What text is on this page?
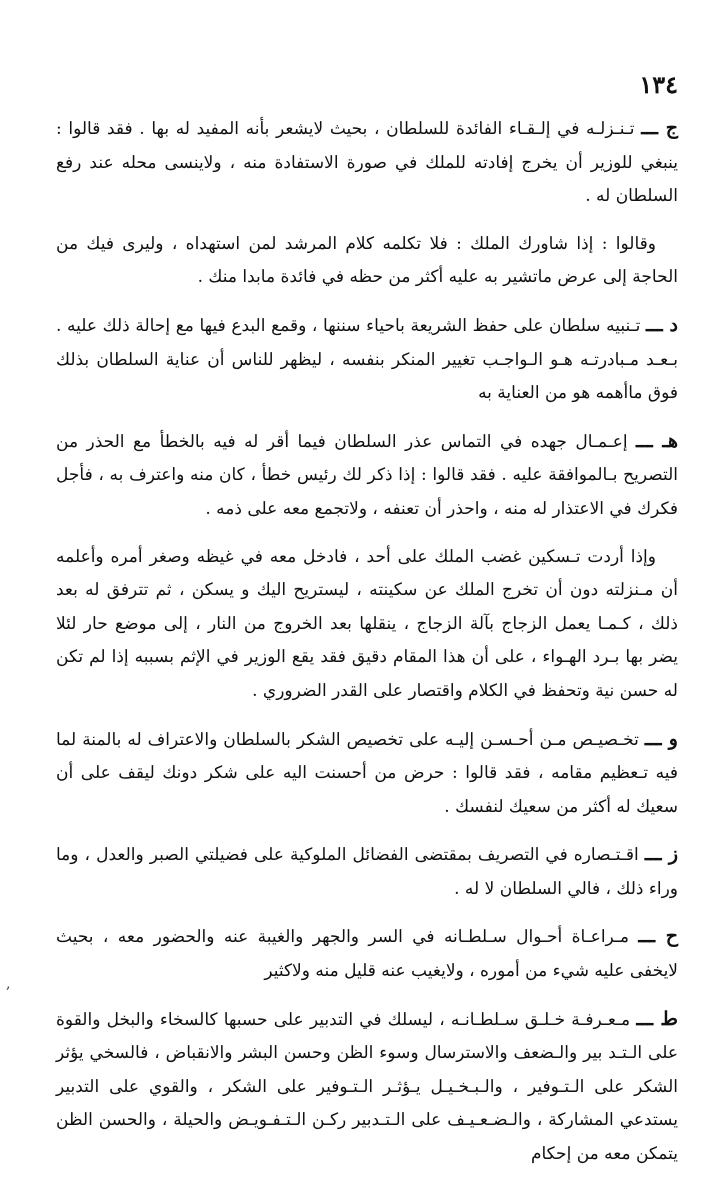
١٣٤

ج ـــ تـنـزلـه في إلـقـاء الفائدة للسلطان ، بحيث لايشعر بأنه المفيد له بها . فقد قالوا : ينبغي للوزير أن يخرج إفادته للملك في صورة الاستفادة منه ، ولاينسى محله عند رفع السلطان له .

وقالوا : إذا شاورك الملك : فلا تكلمه كلام المرشد لمن استهداه ، وليرى فيك من الحاجة إلى عرض ماتشير به عليه أكثر من حظه في فائدة مابدا منك .

د ـــ تـنبيه سلطان على حفظ الشريعة باحياء سننها ، وقمع البدع فيها مع إحالة ذلك عليه . بـعـد مـبادرتـه هـو الـواجـب تغيير المنكر بنفسه ، ليظهر للناس أن عناية السلطان بذلك فوق ماأهمه هو من العناية به

هـ ـــ إعـمـال جهده في التماس عذر السلطان فيما أقر له فيه بالخطأ مع الحذر من التصريح بـالموافقة عليه . فقد قالوا : إذا ذكر لك رئيس خطأ ، كان منه واعترف به ، فأجل فكرك في الاعتذار له منه ، واحذر أن تعنفه ، ولاتجمع معه على ذمه .

وإذا أردت تـسكين غضب الملك على أحد ، فادخل معه في غيظه وصغر أمره وأعلمه أن مـنزلته دون أن تخرج الملك عن سكينته ، ليستريح اليك و يسكن ، ثم تترفق له بعد ذلك ، كـمـا يعمل الزجاج بآلة الزجاج ، ينقلها بعد الخروج من النار ، إلى موضع حار لئلا يضر بها بـرد الهـواء ، على أن هذا المقام دقيق فقد يقع الوزير في الإثم بسببه إذا لم تكن له حسن نية وتحفظ في الكلام واقتصار على القدر الضروري .

و ـــ تخـصيـص مـن أحـسـن إليـه على تخصيص الشكر بالسلطان والاعتراف له بالمنة لما فيه تـعظيم مقامه ، فقد قالوا : حرض من أحسنت اليه على شكر دونك ليقف على أن سعيك له أكثر من سعيك لنفسك .

ز ـــ اقـتـصاره في التصريف بمقتضى الفضائل الملوكية على فضيلتي الصبر والعدل ، وما وراء ذلك ، فالي السلطان لا له .

ح ـــ مـراعـاة أحـوال سـلطـانه في السر والجهر والغيبة عنه والحضور معه ، بحيث لايخفى عليه شيء من أموره ، ولايغيب عنه قليل منه ولاكثير

ط ـــ مـعـرفـة خـلـق سـلطـانـه ، ليسلك في التدبير على حسبها كالسخاء والبخل والقوة على الـتـد بير والـضعف والاسترسال وسوء الظن وحسن البشر والانقباض ، فالسخي يؤثر الشكر على الـتـوفير ، والـبـخـيـل يـؤثـر الـتـوفير على الشكر ، والقوي على التدبير يستدعي المشاركة ، والـضـعـيـف على الـتـدبير ركـن الـتـفـويـض والحيلة ، والحسن الظن يتمكن معه من إحكام

,
